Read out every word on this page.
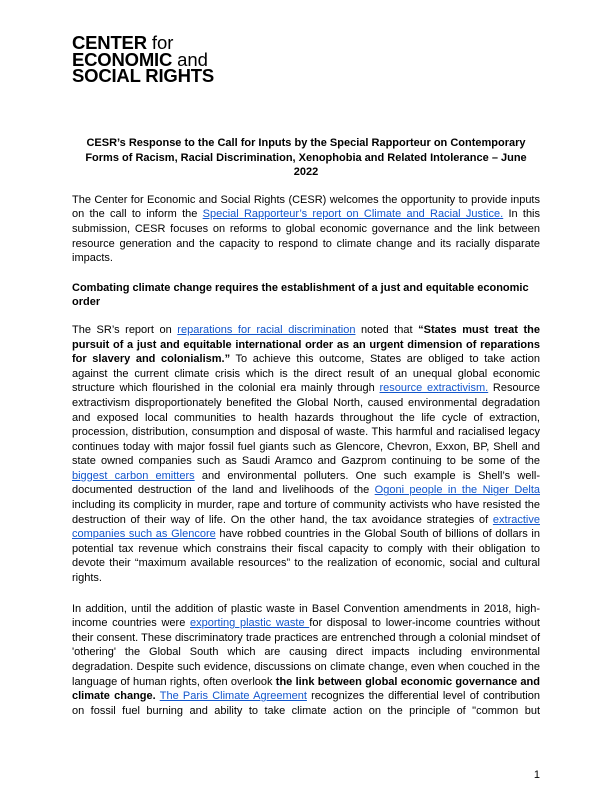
CENTER for
ECONOMIC and
SOCIAL RIGHTS
CESR’s Response to the Call for Inputs by the Special Rapporteur on Contemporary
Forms of Racism, Racial Discrimination, Xenophobia and Related Intolerance – June
2022

The Center for Economic and Social Rights (CESR) welcomes the opportunity to provide inputs on the call to inform the Special Rapporteur’s report on Climate and Racial Justice. In this submission, CESR focuses on reforms to global economic governance and the link between resource generation and the capacity to respond to climate change and its racially disparate impacts.

Combating climate change requires the establishment of a just and equitable economic order

The SR’s report on reparations for racial discrimination noted that “States must treat the pursuit of a just and equitable international order as an urgent dimension of reparations for slavery and colonialism.” To achieve this outcome, States are obliged to take action against the current climate crisis which is the direct result of an unequal global economic structure which flourished in the colonial era mainly through resource extractivism. Resource extractivism disproportionately benefited the Global North, caused environmental degradation and exposed local communities to health hazards throughout the life cycle of extraction, procession, distribution, consumption and disposal of waste. This harmful and racialised legacy continues today with major fossil fuel giants such as Glencore, Chevron, Exxon, BP, Shell and state owned companies such as Saudi Aramco and Gazprom continuing to be some of the biggest carbon emitters and environmental polluters. One such example is Shell’s well-documented destruction of the land and livelihoods of the Ogoni people in the Niger Delta including its complicity in murder, rape and torture of community activists who have resisted the destruction of their way of life. On the other hand, the tax avoidance strategies of extractive companies such as Glencore have robbed countries in the Global South of billions of dollars in potential tax revenue which constrains their fiscal capacity to comply with their obligation to devote their “maximum available resources” to the realization of economic, social and cultural rights.

In addition, until the addition of plastic waste in Basel Convention amendments in 2018, high-income countries were exporting plastic waste for disposal to lower-income countries without their consent. These discriminatory trade practices are entrenched through a colonial mindset of 'othering' the Global South which are causing direct impacts including environmental degradation. Despite such evidence, discussions on climate change, even when couched in the language of human rights, often overlook the link between global economic governance and climate change. The Paris Climate Agreement recognizes the differential level of contribution on fossil fuel burning and ability to take climate action on the principle of "common but

1
